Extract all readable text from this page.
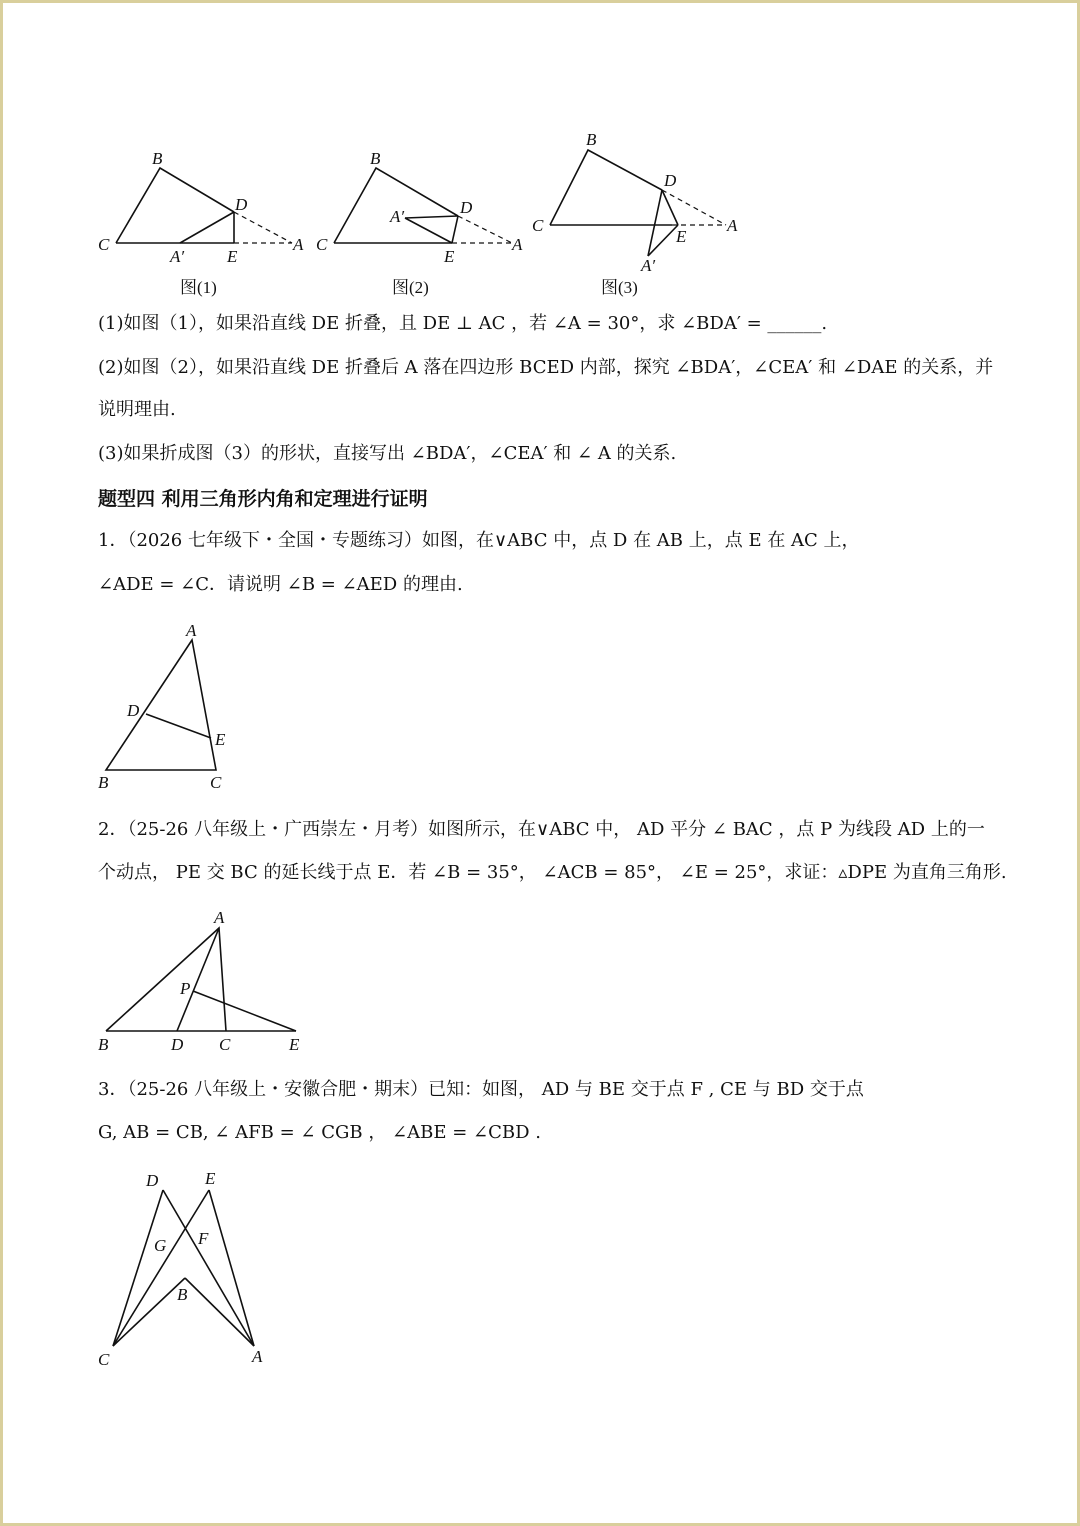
B
D
C
A′	E
A
图(1)
B
A′	D
C
E
A
图(2)
B
D
C	A
E
A′
图(3)
(1)如图（1），如果沿直线 DE 折叠，且 DE ⊥ AC ，若 ∠A = 30°，求 ∠BDA′ = ______.
(2)如图（2），如果沿直线 DE 折叠后 A 落在四边形 BCED 内部，探究 ∠BDA′，∠CEA′ 和 ∠DAE 的关系，并
说明理由.
(3)如果折成图（3）的形状，直接写出 ∠BDA′，∠CEA′ 和 ∠ A 的关系.
题型四 利用三角形内角和定理进行证明
1．（2026 七年级下・全国・专题练习）如图，在∨ABC 中，点 D 在 AB 上，点 E 在 AC 上，
∠ADE = ∠C．请说明 ∠B = ∠AED 的理由.
A
D
E
B	C
A
P
B	D C	E
D	E
G F
B
C	A
2．（25-26 八年级上・广西崇左・月考）如图所示，在∨ABC 中， AD 平分 ∠ BAC ，点 P 为线段 AD 上的一
个动点， PE 交 BC 的延长线于点 E．若 ∠B = 35°， ∠ACB = 85°， ∠E = 25°，求证：▵DPE 为直角三角形.
3．（25-26 八年级上・安徽合肥・期末）已知：如图， AD 与 BE 交于点 F , CE 与 BD 交于点
G, AB = CB, ∠ AFB = ∠ CGB ， ∠ABE = ∠CBD .
